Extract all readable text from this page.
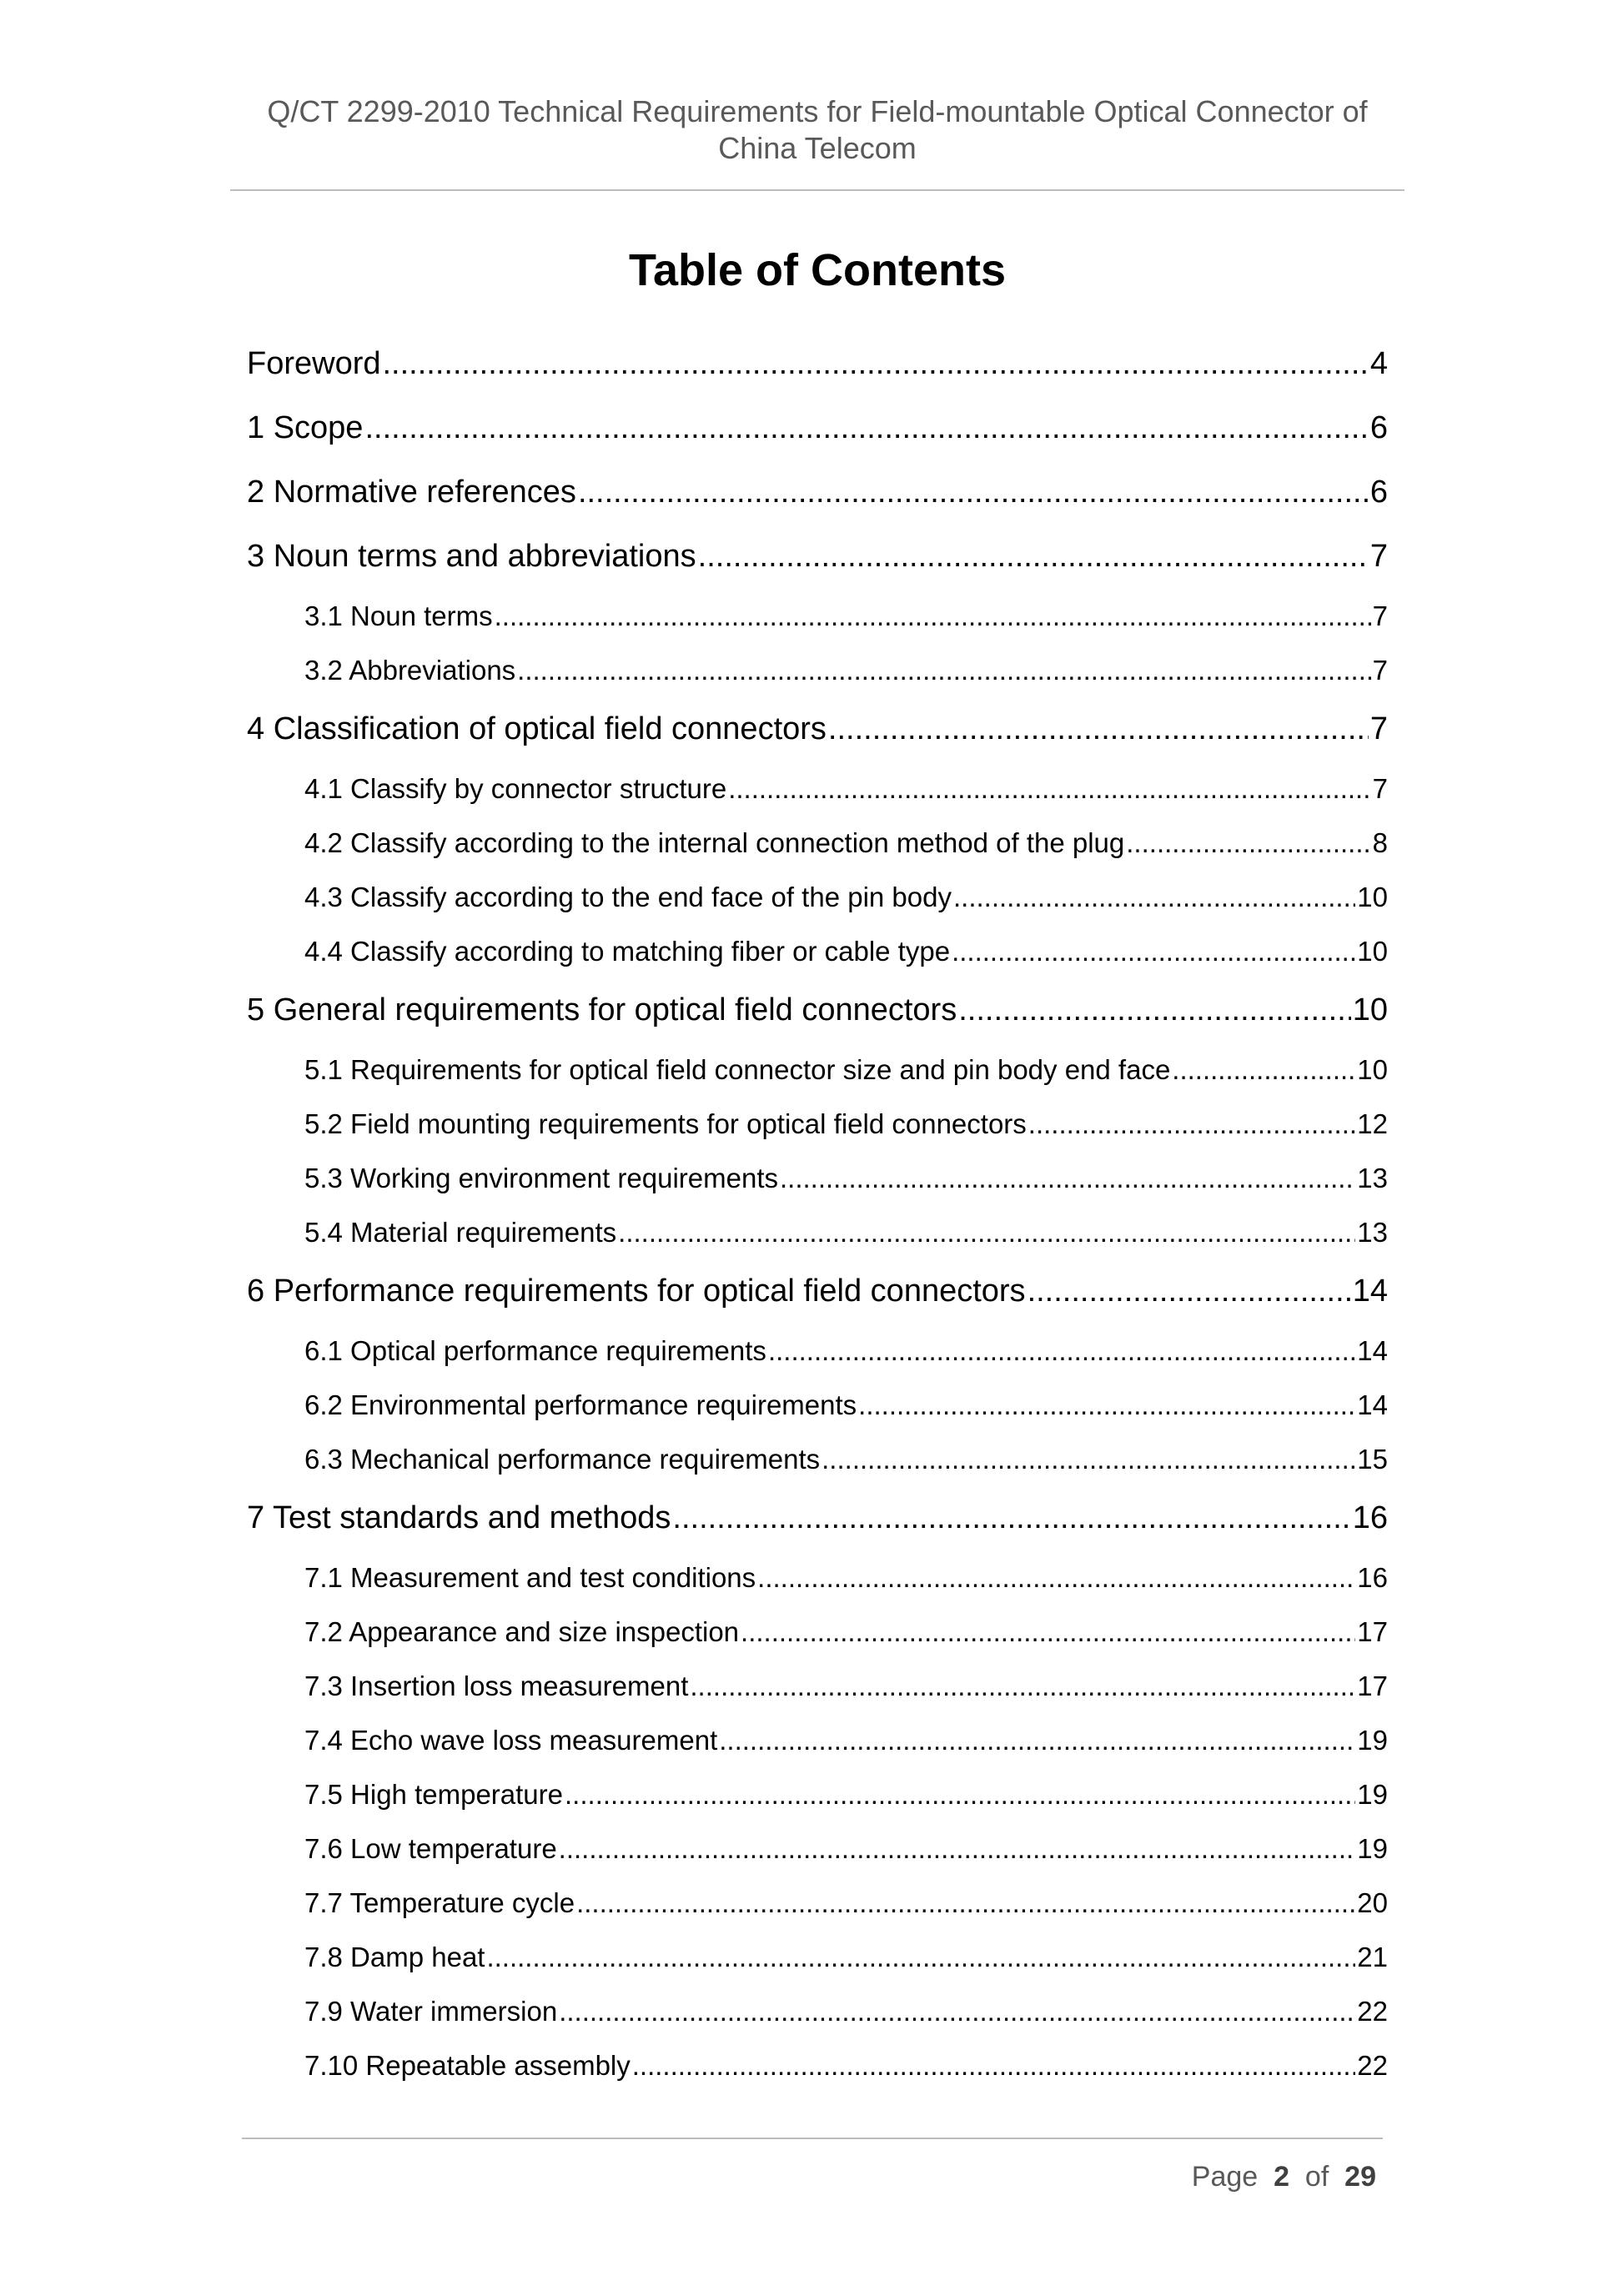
Q/CT 2299-2010 Technical Requirements for Field-mountable Optical Connector of
China Telecom
Table of Contents
Foreword .....	4
1 Scope .....	6
2 Normative references .....	6
3 Noun terms and abbreviations .....	7
3.1 Noun terms .....	7
3.2 Abbreviations .....	7
4 Classification of optical field connectors .....	7
4.1 Classify by connector structure .....	7
4.2 Classify according to the internal connection method of the plug .....	8
4.3 Classify according to the end face of the pin body .....	10
4.4 Classify according to matching fiber or cable type .....	10
5 General requirements for optical field connectors .....	10
5.1 Requirements for optical field connector size and pin body end face .....	10
5.2 Field mounting requirements for optical field connectors .....	12
5.3 Working environment requirements .....	13
5.4 Material requirements .....	13
6 Performance requirements for optical field connectors .....	14
6.1 Optical performance requirements .....	14
6.2 Environmental performance requirements .....	14
6.3 Mechanical performance requirements .....	15
7 Test standards and methods .....	16
7.1 Measurement and test conditions .....	16
7.2 Appearance and size inspection .....	17
7.3 Insertion loss measurement .....	17
7.4 Echo wave loss measurement .....	19
7.5 High temperature .....	19
7.6 Low temperature .....	19
7.7 Temperature cycle .....	20
7.8 Damp heat .....	21
7.9 Water immersion .....	22
7.10 Repeatable assembly .....	22
Page 2 of 29
